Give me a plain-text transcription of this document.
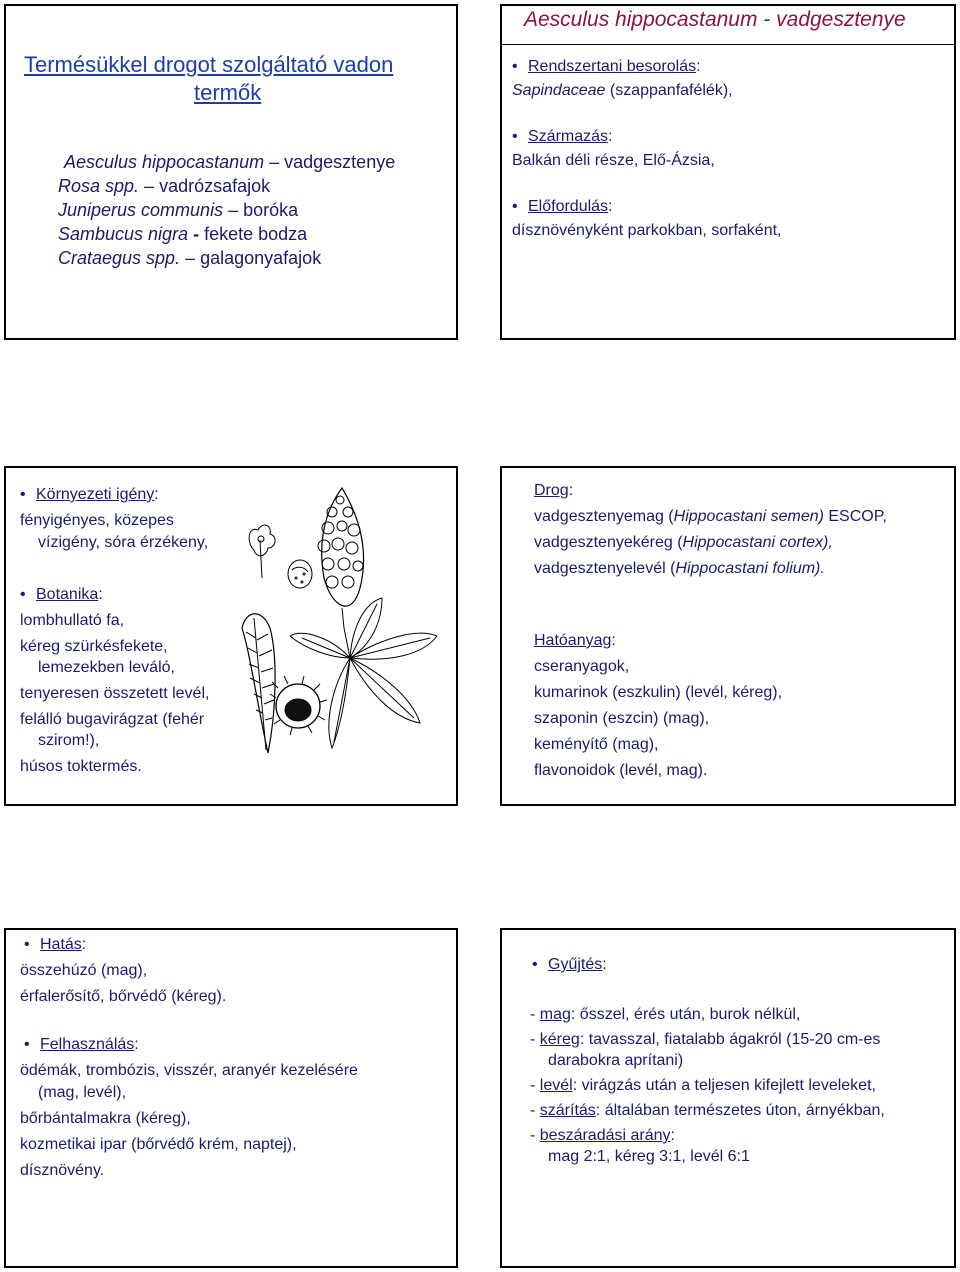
Termésükkel drogot szolgáltató vadon
termők
Aesculus hippocastanum – vadgesztenye
Rosa spp. – vadrózsafajok
Juniperus communis – boróka
Sambucus nigra - fekete bodza
Crataegus spp. – galagonyafajok
Aesculus hippocastanum - vadgesztenye
• Rendszertani besorolás:
Sapindaceae (szappanfafélék),
• Származás:
Balkán déli része, Elő-Ázsia,
• Előfordulás:
dísznövényként parkokban, sorfaként,
• Környezeti igény:
fényigényes, közepes
vízigény, sóra érzékeny,
• Botanika:
lombhullató fa,
kéreg szürkésfekete,
lemezekben leváló,
tenyeresen összetett levél,
felálló bugavirágzat (fehér
szirom!),
húsos toktermés.
Drog:
vadgesztenyemag (Hippocastani semen) ESCOP,
vadgesztenyekéreg (Hippocastani cortex),
vadgesztenyelevél (Hippocastani folium).
Hatóanyag:
cseranyagok,
kumarinok (eszkulin) (levél, kéreg),
szaponin (eszcin) (mag),
keményítő (mag),
flavonoidok (levél, mag).
• Hatás:
összehúzó (mag),
érfalerősítő, bőrvédő (kéreg).
• Felhasználás:
ödémák, trombózis, visszér, aranyér kezelésére
(mag, levél),
bőrbántalmakra (kéreg),
kozmetikai ipar (bőrvédő krém, naptej),
dísznövény.
• Gyűjtés:
- mag: ősszel, érés után, burok nélkül,
- kéreg: tavasszal, fiatalabb ágakról (15-20 cm-es
darabokra aprítani)
- levél: virágzás után a teljesen kifejlett leveleket,
- szárítás: általában természetes úton, árnyékban,
- beszáradási arány:
mag 2:1, kéreg 3:1, levél 6:1
